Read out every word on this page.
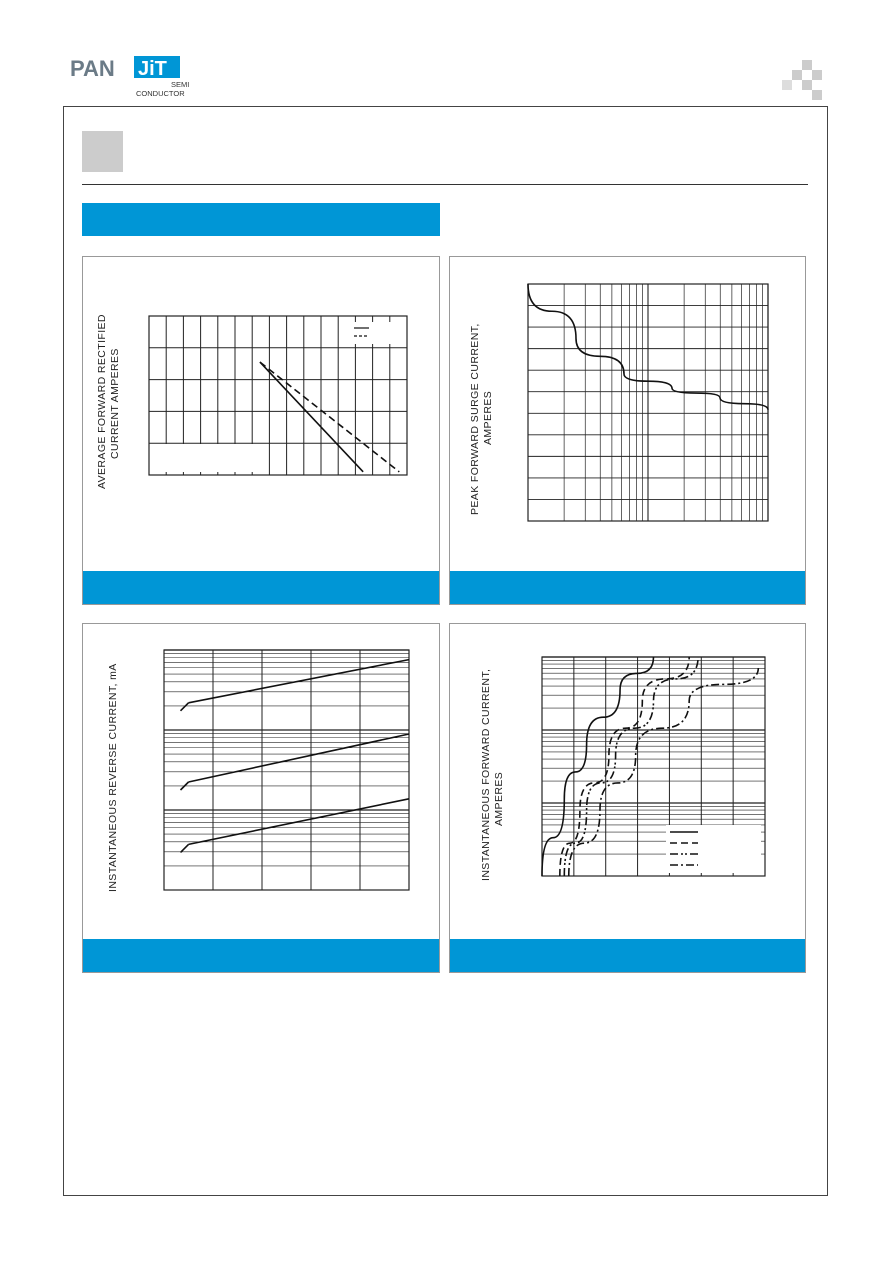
PAN JiT
SEMI
CONDUCTOR
AVERAGE FORWARD RECTIFIED CURRENT AMPERES	PEAK FORWARD SURGE CURRENT, AMPERES
INSTANTANEOUS REVERSE CURRENT, mA	INSTANTANEOUS FORWARD CURRENT, AMPERES
